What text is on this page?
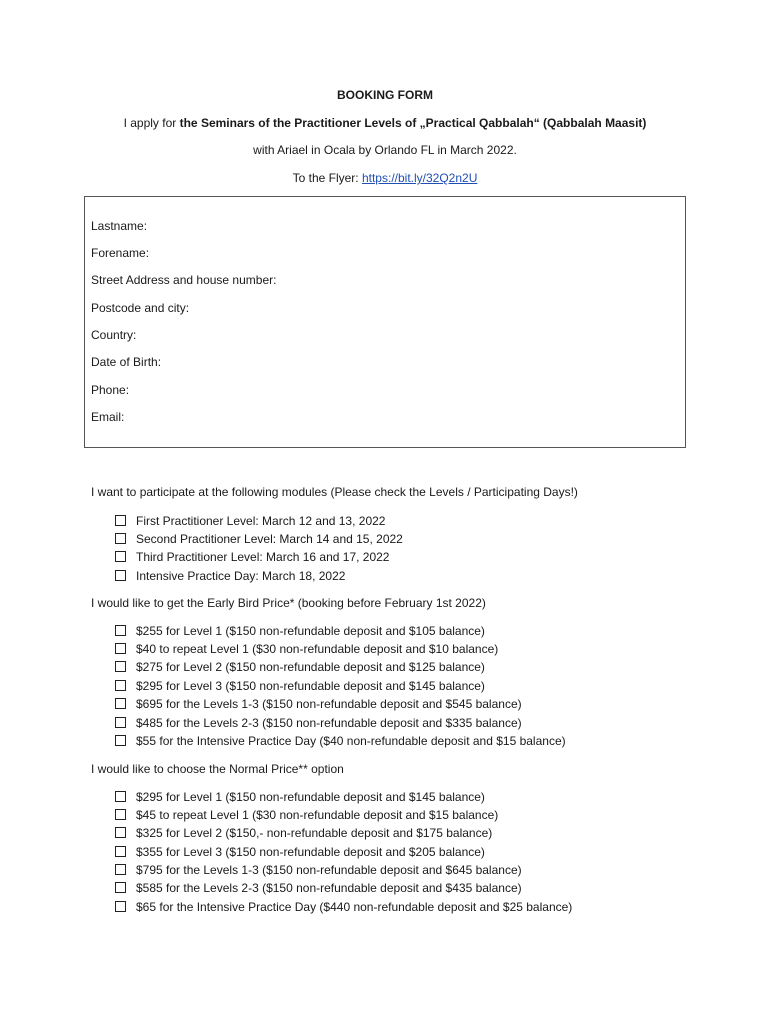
BOOKING FORM
I apply for the Seminars of the Practitioner Levels of „Practical Qabbalah“ (Qabbalah Maasit)
with Ariael in Ocala by Orlando FL in March 2022.
To the Flyer: https://bit.ly/32Q2n2U
Lastname:
Forename:
Street Address and house number:
Postcode and city:
Country:
Date of Birth:
Phone:
Email:
I want to participate at the following modules (Please check the Levels / Participating Days!)
First Practitioner Level: March 12 and 13, 2022
Second Practitioner Level: March 14 and 15, 2022
Third Practitioner Level: March 16 and 17, 2022
Intensive Practice Day: March 18, 2022
I would like to get the Early Bird Price* (booking before February 1st 2022)
$255 for Level 1 ($150 non-refundable deposit and $105 balance)
$40 to repeat Level 1 ($30 non-refundable deposit and $10 balance)
$275 for Level 2 ($150 non-refundable deposit and $125 balance)
$295 for Level 3 ($150 non-refundable deposit and $145 balance)
$695 for the Levels 1-3 ($150 non-refundable deposit and $545 balance)
$485 for the Levels 2-3 ($150 non-refundable deposit and $335 balance)
$55 for the Intensive Practice Day ($40 non-refundable deposit and $15 balance)
I would like to choose the Normal Price** option
$295 for Level 1 ($150 non-refundable deposit and $145 balance)
$45 to repeat Level 1 ($30 non-refundable deposit and $15 balance)
$325 for Level 2 ($150,- non-refundable deposit and $175 balance)
$355 for Level 3 ($150 non-refundable deposit and $205 balance)
$795 for the Levels 1-3 ($150 non-refundable deposit and $645 balance)
$585 for the Levels 2-3 ($150 non-refundable deposit and $435 balance)
$65 for the Intensive Practice Day ($440 non-refundable deposit and $25 balance)
